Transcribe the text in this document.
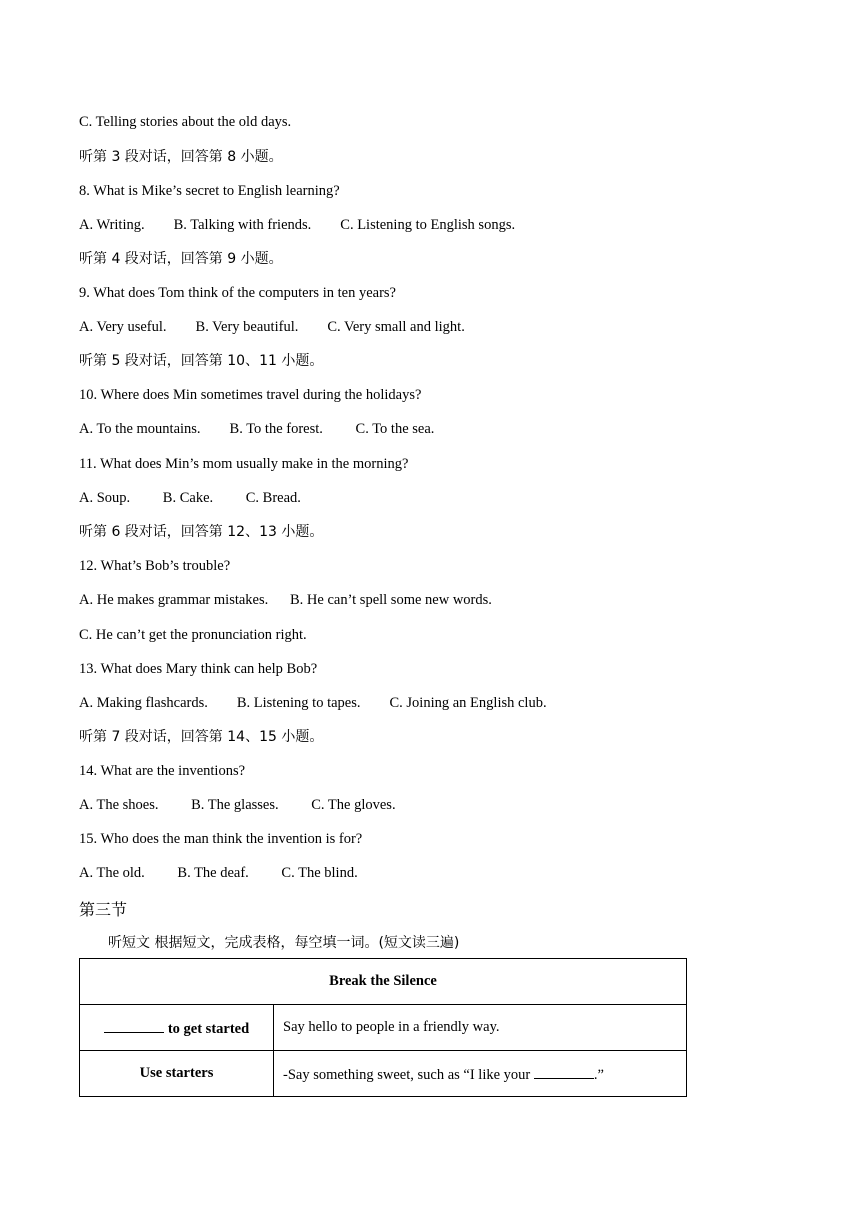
C. Telling stories about the old days.
听第 3 段对话，回答第 8 小题。
8. What is Mike’s secret to English learning?
A. Writing.        B. Talking with friends.        C. Listening to English songs.
听第 4 段对话，回答第 9 小题。
9. What does Tom think of the computers in ten years?
A. Very useful.        B. Very beautiful.        C. Very small and light.
听第 5 段对话，回答第 10、11 小题。
10. Where does Min sometimes travel during the holidays?
A. To the mountains.        B. To the forest.         C. To the sea.
11. What does Min’s mom usually make in the morning?
A. Soup.         B. Cake.         C. Bread.
听第 6 段对话，回答第 12、13 小题。
12. What’s Bob’s trouble?
A. He makes grammar mistakes.      B. He can’t spell some new words.
C. He can’t get the pronunciation right.
13. What does Mary think can help Bob?
A. Making flashcards.        B. Listening to tapes.        C. Joining an English club.
听第 7 段对话，回答第 14、15 小题。
14. What are the inventions?
A. The shoes.         B. The glasses.         C. The gloves.
15. Who does the man think the invention is for?
A. The old.         B. The deaf.         C. The blind.
第三节
听短文 根据短文，完成表格，每空填一词。(短文读三遍)
Break the Silence	
to get started	Say hello to people in a friendly way.
Use starters	-Say something sweet, such as “I like your .”
